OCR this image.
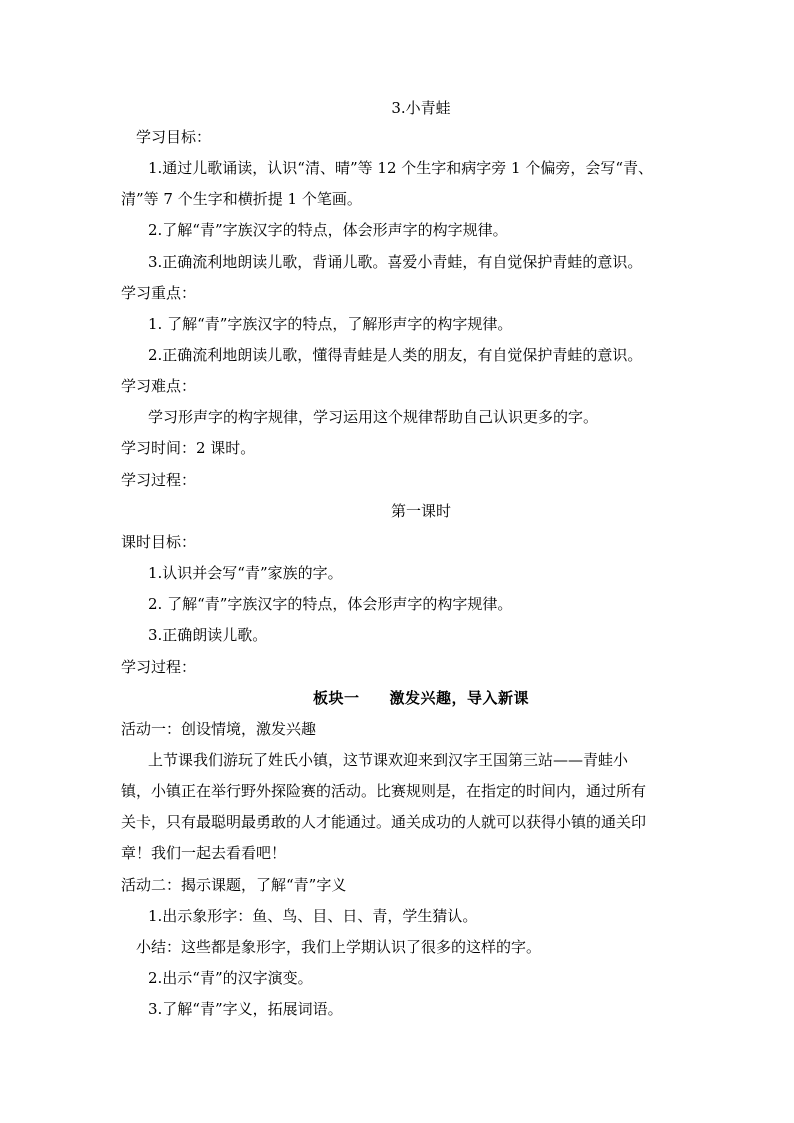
3.小青蛙
学习目标：
1.通过儿歌诵读，认识“清、晴”等 12 个生字和病字旁 1 个偏旁，会写“青、
清”等 7 个生字和横折提 1 个笔画。
2.了解“青”字族汉字的特点，体会形声字的构字规律。
3.正确流利地朗读儿歌，背诵儿歌。喜爱小青蛙，有自觉保护青蛙的意识。
学习重点：
1. 了解“青”字族汉字的特点，了解形声字的构字规律。
2.正确流利地朗读儿歌，懂得青蛙是人类的朋友，有自觉保护青蛙的意识。
学习难点：
学习形声字的构字规律，学习运用这个规律帮助自己认识更多的字。
学习时间：2 课时。
学习过程：
第一课时
课时目标：
1.认识并会写“青”家族的字。
2. 了解“青”字族汉字的特点，体会形声字的构字规律。
3.正确朗读儿歌。
学习过程：
板块一 激发兴趣，导入新课
活动一：创设情境，激发兴趣
上节课我们游玩了姓氏小镇，这节课欢迎来到汉字王国第三站——青蛙小
镇，小镇正在举行野外探险赛的活动。比赛规则是，在指定的时间内，通过所有
关卡，只有最聪明最勇敢的人才能通过。通关成功的人就可以获得小镇的通关印
章！我们一起去看看吧！
活动二：揭示课题，了解“青”字义
1.出示象形字：鱼、鸟、目、日、青，学生猜认。
小结：这些都是象形字，我们上学期认识了很多的这样的字。
2.出示“青”的汉字演变。
3.了解“青”字义，拓展词语。
